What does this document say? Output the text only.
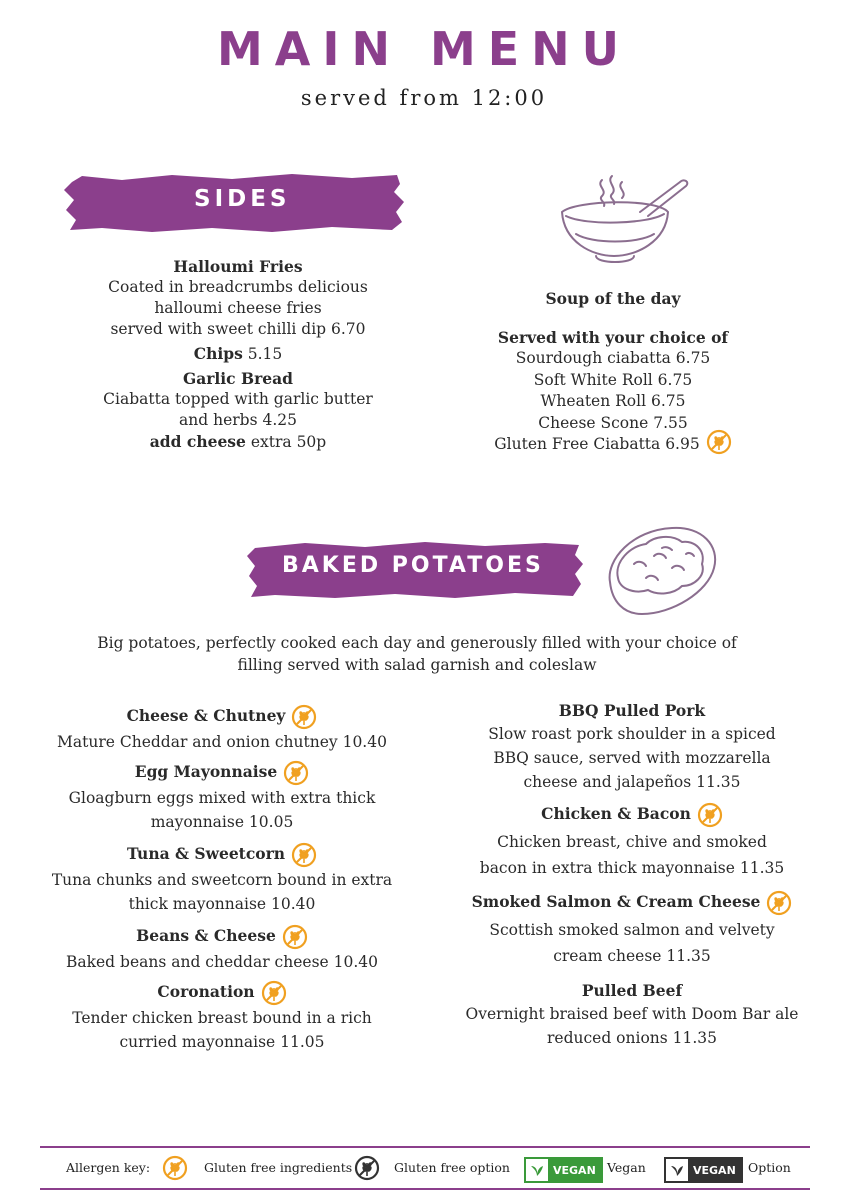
MAIN MENU
served from 12:00
SIDES
Halloumi Fries
Coated in breadcrumbs delicious
halloumi cheese fries
served with sweet chilli dip 6.70
Chips 5.15
Garlic Bread
Ciabatta topped with garlic butter
and herbs 4.25
add cheese extra 50p
Soup of the day
Served with your choice of
Sourdough ciabatta 6.75
Soft White Roll 6.75
Wheaten Roll 6.75
Cheese Scone 7.55
Gluten Free Ciabatta 6.95
BAKED POTATOES
Big potatoes, perfectly cooked each day and generously filled with your choice of
filling served with salad garnish and coleslaw
Cheese & Chutney
Mature Cheddar and onion chutney 10.40
Egg Mayonnaise
Gloagburn eggs mixed with extra thick
mayonnaise 10.05
Tuna & Sweetcorn
Tuna chunks and sweetcorn bound in extra
thick mayonnaise 10.40
Beans & Cheese
Baked beans and cheddar cheese 10.40
Coronation
Tender chicken breast bound in a rich
curried mayonnaise 11.05
BBQ Pulled Pork
Slow roast pork shoulder in a spiced
BBQ sauce, served with mozzarella
cheese and jalapeños 11.35
Chicken & Bacon
Chicken breast, chive and smoked
bacon in extra thick mayonnaise 11.35
Smoked Salmon & Cream Cheese
Scottish smoked salmon and velvety
cream cheese 11.35
Pulled Beef
Overnight braised beef with Doom Bar ale
reduced onions 11.35
Allergen key:	Gluten free ingredients	Gluten free option	VEGAN Vegan	VEGAN Option
